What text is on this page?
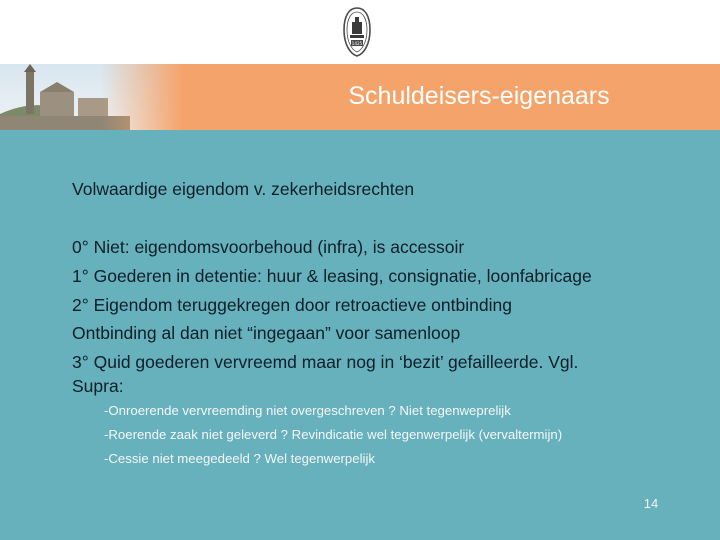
1425
Schuldeisers-eigenaars
Volwaardige eigendom v. zekerheidsrechten
0° Niet: eigendomsvoorbehoud (infra), is accessoir
1° Goederen in detentie: huur & leasing, consignatie, loonfabricage
2° Eigendom teruggekregen door retroactieve ontbinding
Ontbinding al dan niet “ingegaan” voor samenloop
3° Quid goederen vervreemd maar nog in ‘bezit’ gefailleerde. Vgl.
Supra:
-Onroerende vervreemding niet overgeschreven ? Niet tegenweprelijk
-Roerende zaak niet geleverd ? Revindicatie wel tegenwerpelijk (vervaltermijn)
-Cessie niet meegedeeld ? Wel tegenwerpelijk
14
